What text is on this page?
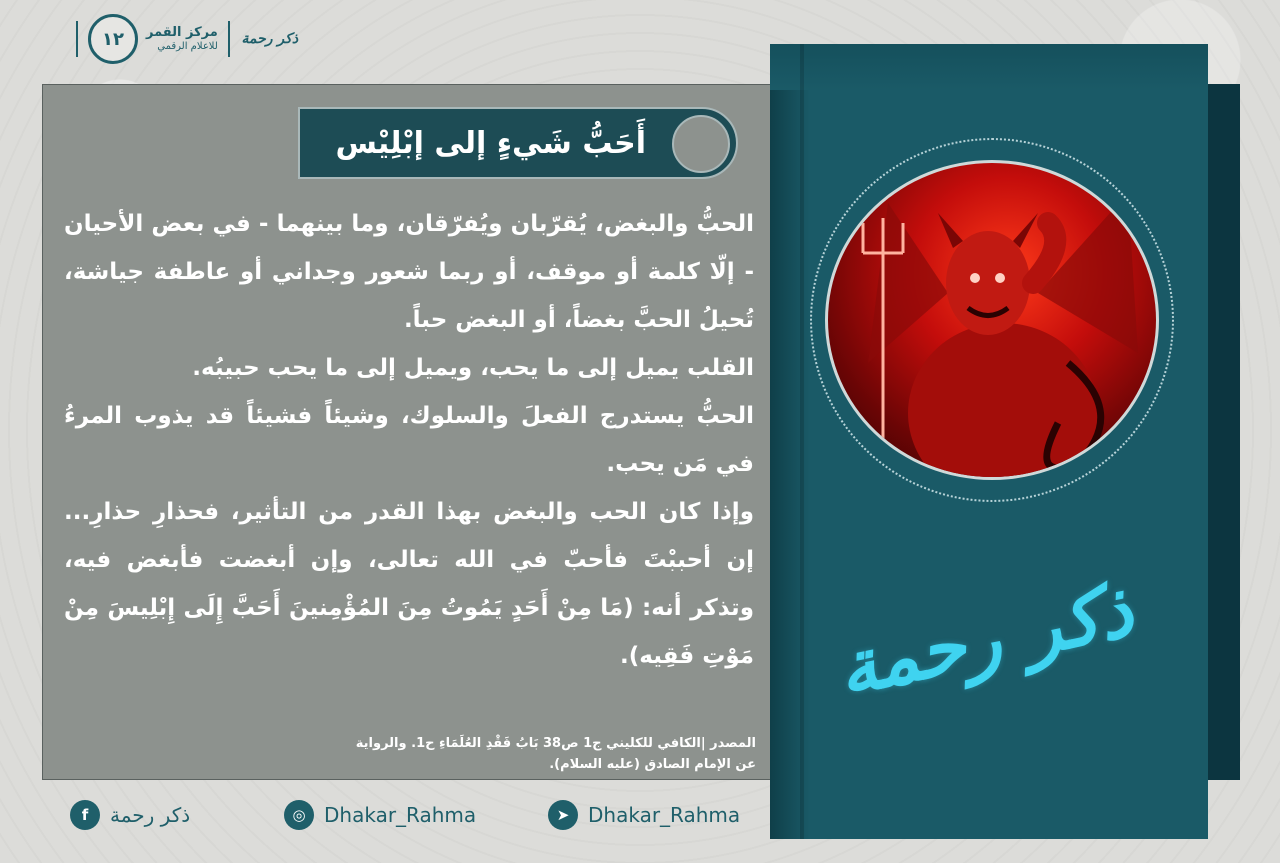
١٢	مركز القمر
للاعلام الرقمي ذكر رحمة
ذكر رحمة
أَحَبُّ شَيءٍ إلى إبْلِيْس

الحبُّ والبغض، يُقرّبان ويُفرّقان، وما بينهما - في بعض الأحيان - إلّا كلمة أو موقف، أو ربما شعور وجداني أو عاطفة جياشة، تُحيلُ الحبَّ بغضاً، أو البغض حباً.

القلب يميل إلى ما يحب، ويميل إلى ما يحب حبيبُه.

الحبُّ يستدرج الفعلَ والسلوك، وشيئاً فشيئاً قد يذوب المرءُ في مَن يحب.

وإذا كان الحب والبغض بهذا القدر من التأثير، فحذارِ حذارِ... إن أحببْتَ فأحبّ في الله تعالى، وإن أبغضت فأبغض فيه، وتذكر أنه: (مَا مِنْ أَحَدٍ يَمُوتُ مِنَ المُؤْمِنينَ أَحَبَّ إِلَى إِبْلِيسَ مِنْ مَوْتِ فَقِيه).

المصدر |الكافي للكليني ج1 ص38 بَابُ فَقْدِ العُلَمَاءِ ح1. والرواية
عن الإمام الصادق (عليه السلام).
f	ذكر رحمة	◎ Dhakar_Rahma	➤ Dhakar_Rahma
